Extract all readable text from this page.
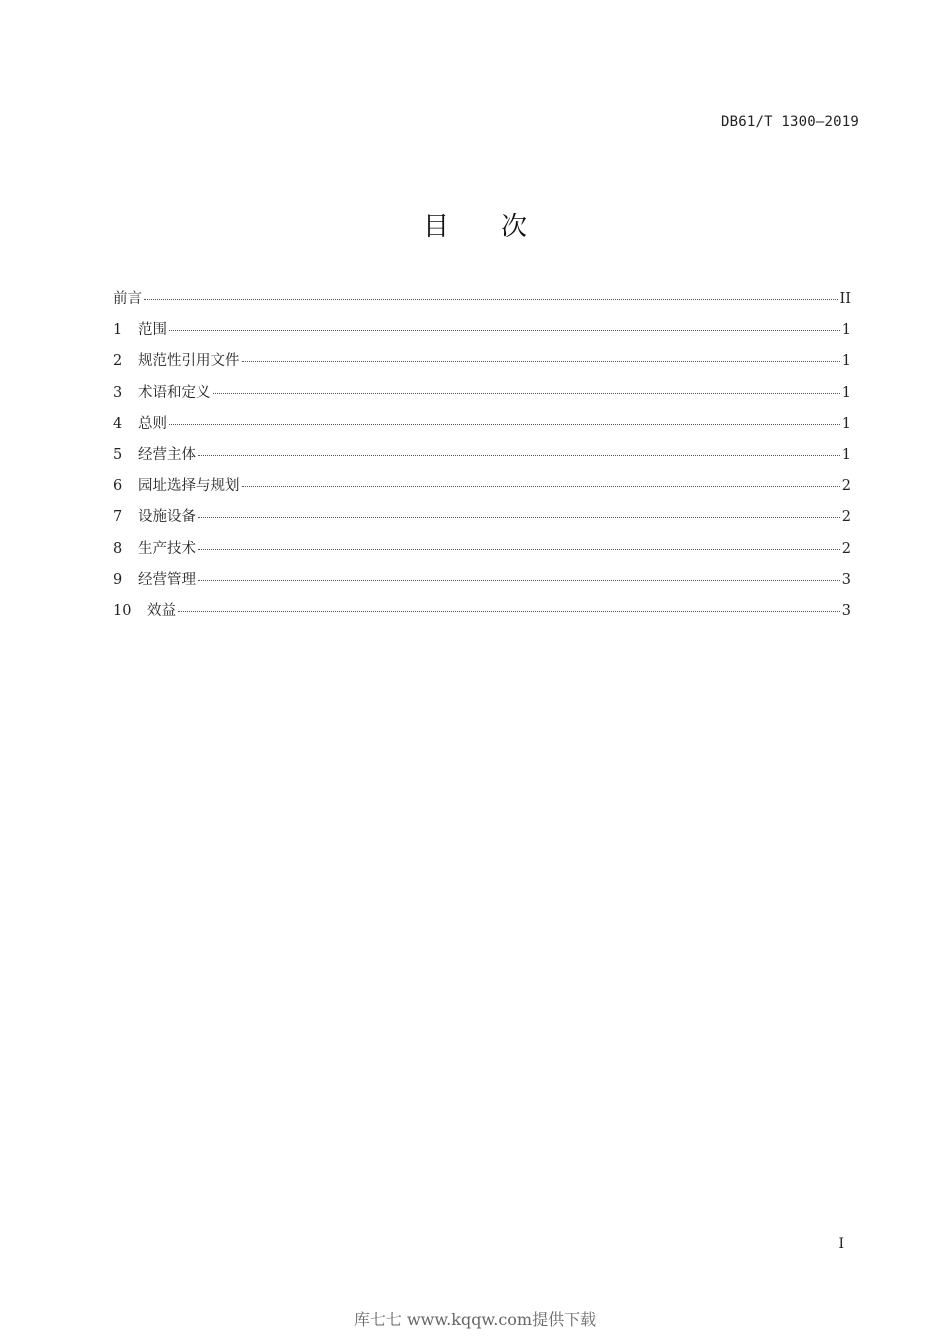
DB61/T 1300—2019
目 次
前言	II
1	范围	1
2	规范性引用文件	1
3	术语和定义	1
4	总则	1
5	经营主体	1
6	园址选择与规划	2
7	设施设备	2
8	生产技术	2
9	经营管理	3
10	效益	3
I
库七七 www.kqqw.com提供下载
